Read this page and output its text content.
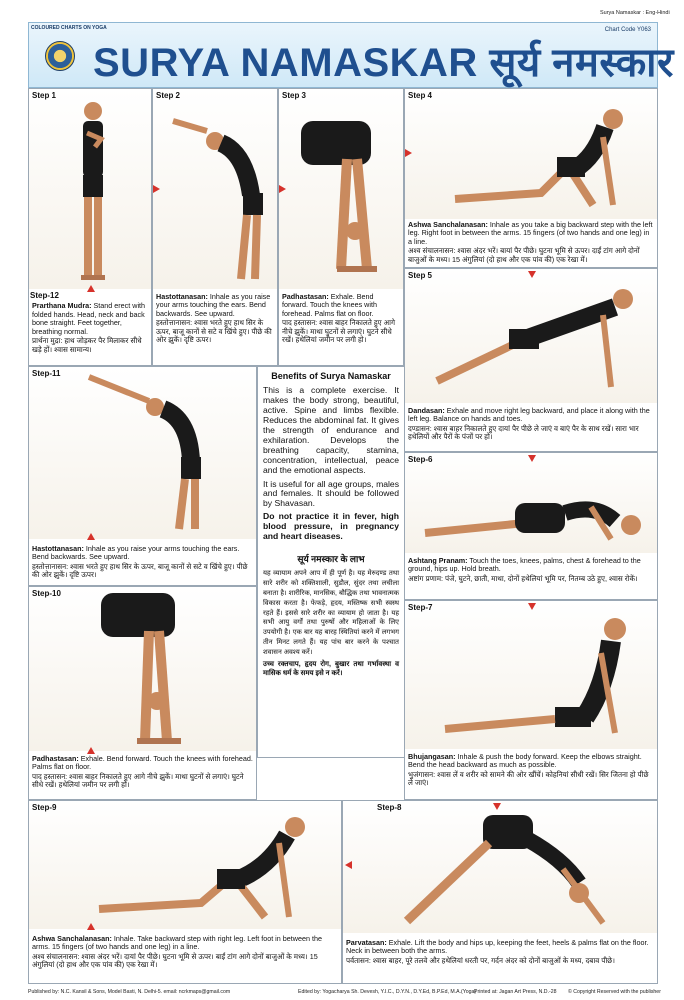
Surya Namaskar : Eng-Hindi
COLOURED CHARTS ON YOGA
SURYA NAMASKAR सूर्य नमस्कार
Chart Code Y063
Step 1
Step-12
Prarthana Mudra: Stand erect with folded hands. Head, neck and back bone straight. Feet together, breathing normal.
प्रार्थना मुद्रा: हाथ जोड़कर पैर मिलाकर सीधे खड़े हों। श्वास सामान्य।
Step 2
Hastottanasan: Inhale as you raise your arms touching the ears. Bend backwards. See upward.
हस्तोत्तानासन: श्वास भरते हुए हाथ सिर के ऊपर, बाजू कानों से सटे व खिंचे हुए। पीछे की ओर झुकें। दृष्टि ऊपर।
Step 3
Padhastasan: Exhale. Bend forward. Touch the knees with forehead. Palms flat on floor.
पाद हस्तासन: श्वास बाहर निकालते हुए आगे नीचे झुकें। माथा घुटनों से लगाएं। घुटने सीधे रखें। हथेलियां जमीन पर लगी हो।
Step 4
Ashwa Sanchalanasan: Inhale as you take a big backward step with the left leg. Right foot in between the arms. 15 fingers (of two hands and one leg) in a line.
अश्व संचालनासन: श्वास अंदर भरें। बायां पैर पीछे। घुटना भूमि से ऊपर। दाईं टांग आगे दोनों बाजुओं के मध्य। 15 अंगुलियां (दो हाथ और एक पांव की) एक रेखा में।
Step 5
Dandasan: Exhale and move right leg backward, and place it along with the left leg. Balance on hands and toes.
दण्डासन: श्वास बाहर निकालते हुए दायां पैर पीछे ले जाएं व बाएं पैर के साथ रखें। सारा भार हथेलियों और पैरों के पंजों पर हो।
Step-11
Hastottanasan: Inhale as you raise your arms touching the ears. Bend backwards. See upward.
हस्तोत्तानासन: श्वास भरते हुए हाथ सिर के ऊपर, बाजू कानों से सटे व खिंचे हुए। पीछे की ओर झुकें। दृष्टि ऊपर।
Step-10
Padhastasan: Exhale. Bend forward. Touch the knees with forehead. Palms flat on floor.
पाद हस्तासन: श्वास बाहर निकालते हुए आगे नीचे झुकें। माथा घुटनों से लगाएं। घुटने सीधे रखें। हथेलियां जमीन पर लगी हो।
Benefits of Surya Namaskar

This is a complete exercise. It makes the body strong, beautiful, active. Spine and limbs flexible. Reduces the abdominal fat. It gives the strength of endurance and exhilaration. Develops the breathing capacity, stamina, concentration, intellectual, peace and the emotional aspects.

It is useful for all age groups, males and females. It should be followed by Shavasan.

Do not practice it in fever, high blood pressure, in pregnancy and heart diseases.

सूर्य नमस्कार के लाभ

यह व्यायाम अपने आप में ही पूर्ण है। यह मेरुदण्ड तथा सारे शरीर को शक्तिशाली, सुडौल, सुंदर तथा लचीला बनाता है। शारीरिक, मानसिक, बौद्धिक तथा भावनात्मक विकास करता है। फेफड़े, हृदय, मस्तिष्क सभी स्वस्थ रहते हैं। इससे सारे शरीर का व्यायाम हो जाता है। यह सभी आयु वर्गों तथा पुरुषों और महिलाओं के लिए उपयोगी है। एक बार यह बारह स्थितियां करने में लगभग तीन मिनट लगते हैं। यह पांच बार करने के पश्चात शवासन अवश्य करें।

उच्च रक्तचाप, हृदय रोग, बुखार तथा गर्भावस्था व मासिक धर्म के समय इसे न करें।

Step-6
Ashtang Pranam: Touch the toes, knees, palms, chest & forehead to the ground, hips up. Hold breath.
अष्टांग प्रणाम: पंजे, घुटने, छाती, माथा, दोनों हथेलियां भूमि पर, नितम्ब उठे हुए, श्वास रोकें।
Step-7
Bhujangasan: Inhale & push the body forward. Keep the elbows straight. Bend the head backward as much as possible.
भुजंगासन: श्वास लें व शरीर को सामने की ओर खींचें। कोहनियां सीधी रखें। सिर जितना हो पीछे ले जाएं।
Step-9
Ashwa Sanchalanasan: Inhale. Take backward step with right leg. Left foot in between the arms. 15 fingers (of two hands and one leg) in a line.
अश्व संचालनासन: श्वास अंदर भरें। दायां पैर पीछे। घुटना भूमि से ऊपर। बाईं टांग आगे दोनों बाजुओं के मध्य। 15 अंगुलियां (दो हाथ और एक पांव की) एक रेखा में।
Step-8
Parvatasan: Exhale. Lift the body and hips up, keeping the feet, heels & palms flat on the floor. Neck in between both the arms.
पर्वतासन: श्वास बाहर, पूरे तलवे और हथेलियां धरती पर, गर्दन अंदर को दोनों बाजुओं के मध्य, दबाव पीछे।
Published by: N.C. Kansil & Sons, Model Basti, N. Delhi-5. email: ncrkmaps@gmail.com	Edited by: Yogacharya Sh. Devesh, Y.I.C., D.Y.N., D.Y.Ed, B.P.Ed, M.A.(Yoga)
Printed at: Jagan Art Press, N.D.-28 © Copyright Reserved with the publisher
